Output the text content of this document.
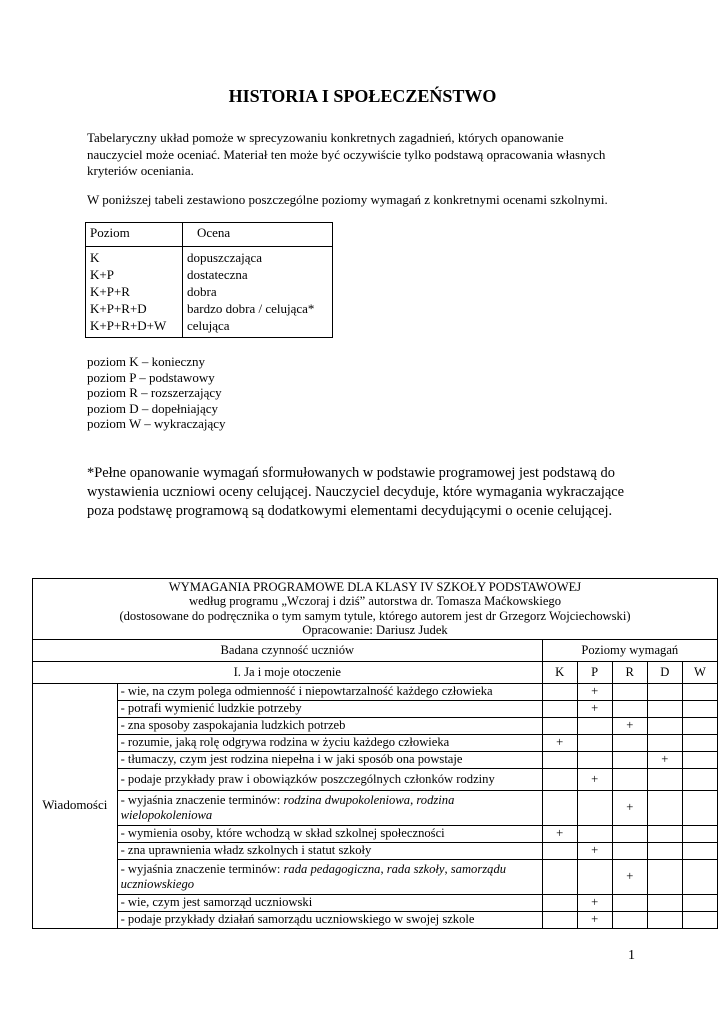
HISTORIA I SPOŁECZEŃSTWO
Tabelaryczny układ pomoże w sprecyzowaniu konkretnych zagadnień, których opanowanie
nauczyciel może oceniać. Materiał ten może być oczywiście tylko podstawą opracowania własnych
kryteriów oceniania.
W poniższej tabeli zestawiono poszczególne poziomy wymagań z konkretnymi ocenami szkolnymi.
Poziom	Ocena
K	dopuszczająca
K+P	dostateczna
K+P+R	dobra
K+P+R+D	bardzo dobra / celująca*
K+P+R+D+W	celująca
poziom K – konieczny
poziom P – podstawowy
poziom R – rozszerzający
poziom D – dopełniający
poziom W – wykraczający
*Pełne opanowanie wymagań sformułowanych w podstawie programowej jest podstawą do
wystawienia uczniowi oceny celującej. Nauczyciel decyduje, które wymagania wykraczające
poza podstawę programową są dodatkowymi elementami decydującymi o ocenie celującej.
WYMAGANIA PROGRAMOWE DLA KLASY IV SZKOŁY PODSTAWOWEJ
według programu „Wczoraj i dziś” autorstwa dr. Tomasza Maćkowskiego
(dostosowane do podręcznika o tym samym tytule, którego autorem jest dr Grzegorz Wojciechowski)
Opracowanie: Dariusz Judek						

Badana czynność uczniów		Poziomy wymagań				
I. Ja i moje otoczenie		K	P	R	D	W
Wiadomości	- wie, na czym polega odmienność i niepowtarzalność każdego człowieka		+			
	- potrafi wymienić ludzkie potrzeby		+			
	- zna sposoby zaspokajania ludzkich potrzeb			+		
	- rozumie, jaką rolę odgrywa rodzina w życiu każdego człowieka	+				
	- tłumaczy, czym jest rodzina niepełna i w jaki sposób ona powstaje				+	
	- podaje przykłady praw i obowiązków poszczególnych członków rodziny		+			
	- wyjaśnia znaczenie terminów: rodzina dwupokoleniowa, rodzina wielopokoleniowa			+		
	- wymienia osoby, które wchodzą w skład szkolnej społeczności	+				
	- zna uprawnienia władz szkolnych i statut szkoły		+			
	- wyjaśnia znaczenie terminów: rada pedagogiczna, rada szkoły, samorządu uczniowskiego			+		
	- wie, czym jest samorząd uczniowski		+			
	- podaje przykłady działań samorządu uczniowskiego w swojej szkole		+			
1
